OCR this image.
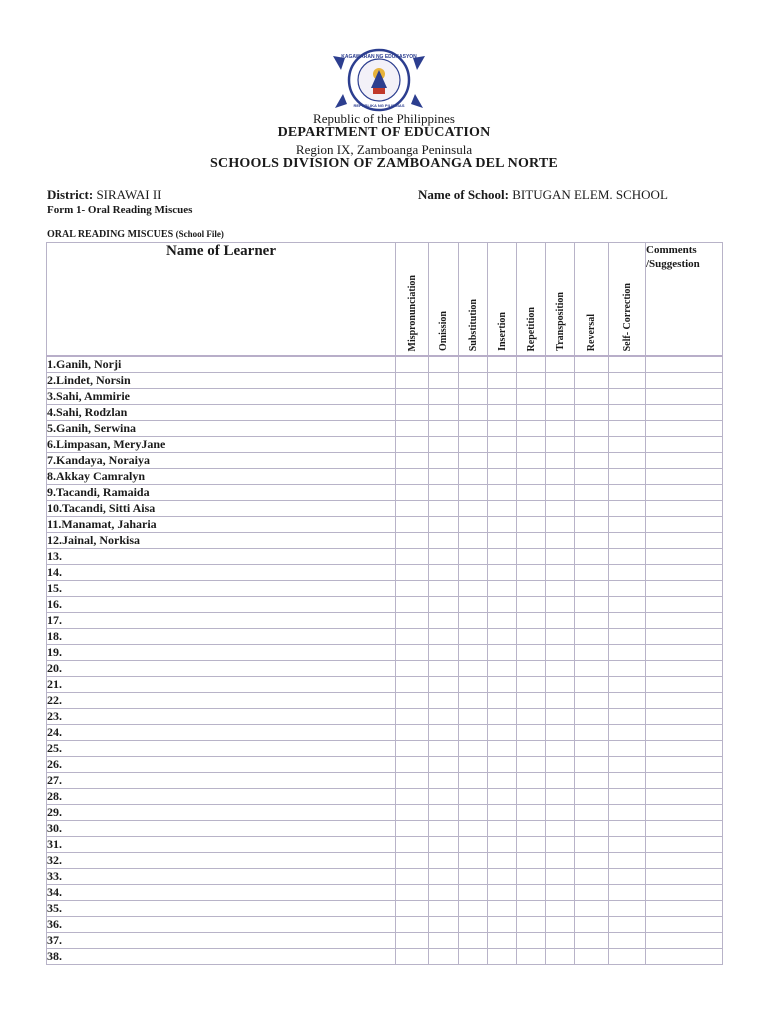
KAGAWARAN NG EDUKASYON
REPUBLIKA NG PILIPINAS
Republic of the Philippines
DEPARTMENT OF EDUCATION
Region IX, Zamboanga Peninsula
SCHOOLS DIVISION OF ZAMBOANGA DEL NORTE
District: SIRAWAI II	Name of School: BITUGAN ELEM. SCHOOL
Form 1- Oral Reading Miscues
ORAL READING MISCUES (School File)
Name of Learner	Mispronunciation	Omission	Substitution	Insertion	Repetition	Transposition	Reversal	Self- Correction	Comments
/Suggestion

1.Ganih, Norji									
2.Lindet, Norsin									
3.Sahi, Ammirie									
4.Sahi, Rodzlan									
5.Ganih, Serwina									
6.Limpasan, MeryJane									
7.Kandaya, Noraiya									
8.Akkay Camralyn									
9.Tacandi, Ramaida									
10.Tacandi, Sitti Aisa									
11.Manamat, Jaharia									
12.Jainal, Norkisa									
13.									
14.									
15.									
16.									
17.									
18.									
19.									
20.									
21.									
22.									
23.									
24.									
25.									
26.									
27.									
28.									
29.									
30.									
31.									
32.									
33.									
34.									
35.									
36.									
37.									
38.									
